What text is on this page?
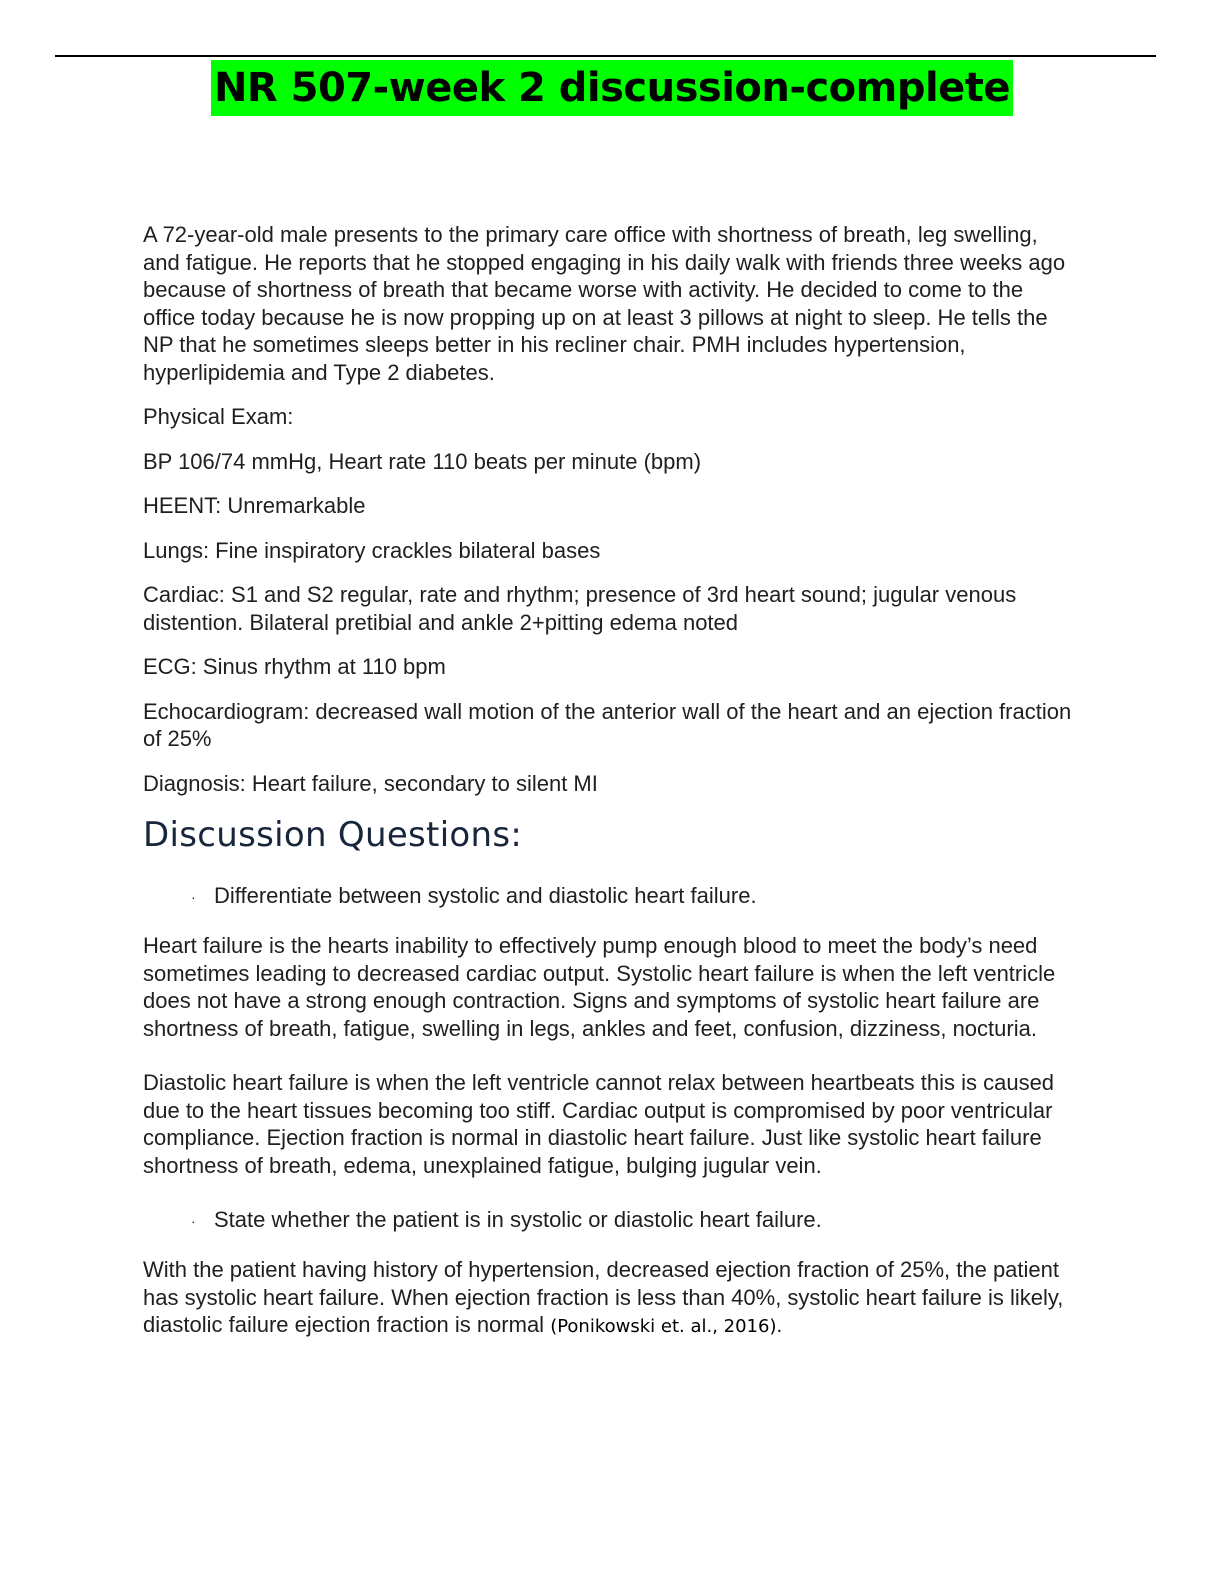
NR 507-week 2 discussion-complete

A 72-year-old male presents to the primary care office with shortness of breath, leg swelling, and fatigue. He reports that he stopped engaging in his daily walk with friends three weeks ago because of shortness of breath that became worse with activity. He decided to come to the office today because he is now propping up on at least 3 pillows at night to sleep. He tells the NP that he sometimes sleeps better in his recliner chair. PMH includes hypertension, hyperlipidemia and Type 2 diabetes.

Physical Exam:

BP 106/74 mmHg, Heart rate 110 beats per minute (bpm)

HEENT: Unremarkable

Lungs: Fine inspiratory crackles bilateral bases

Cardiac: S1 and S2 regular, rate and rhythm; presence of 3rd heart sound; jugular venous distention. Bilateral pretibial and ankle 2+pitting edema noted

ECG: Sinus rhythm at 110 bpm

Echocardiogram: decreased wall motion of the anterior wall of the heart and an ejection fraction of 25%

Diagnosis: Heart failure, secondary to silent MI

Discussion Questions:
· Differentiate between systolic and diastolic heart failure.

Heart failure is the hearts inability to effectively pump enough blood to meet the body’s need sometimes leading to decreased cardiac output. Systolic heart failure is when the left ventricle does not have a strong enough contraction. Signs and symptoms of systolic heart failure are shortness of breath, fatigue, swelling in legs, ankles and feet, confusion, dizziness, nocturia.

Diastolic heart failure is when the left ventricle cannot relax between heartbeats this is caused due to the heart tissues becoming too stiff. Cardiac output is compromised by poor ventricular compliance. Ejection fraction is normal in diastolic heart failure. Just like systolic heart failure shortness of breath, edema, unexplained fatigue, bulging jugular vein.

· State whether the patient is in systolic or diastolic heart failure.

With the patient having history of hypertension, decreased ejection fraction of 25%, the patient has systolic heart failure. When ejection fraction is less than 40%, systolic heart failure is likely, diastolic failure ejection fraction is normal (Ponikowski et. al., 2016).
